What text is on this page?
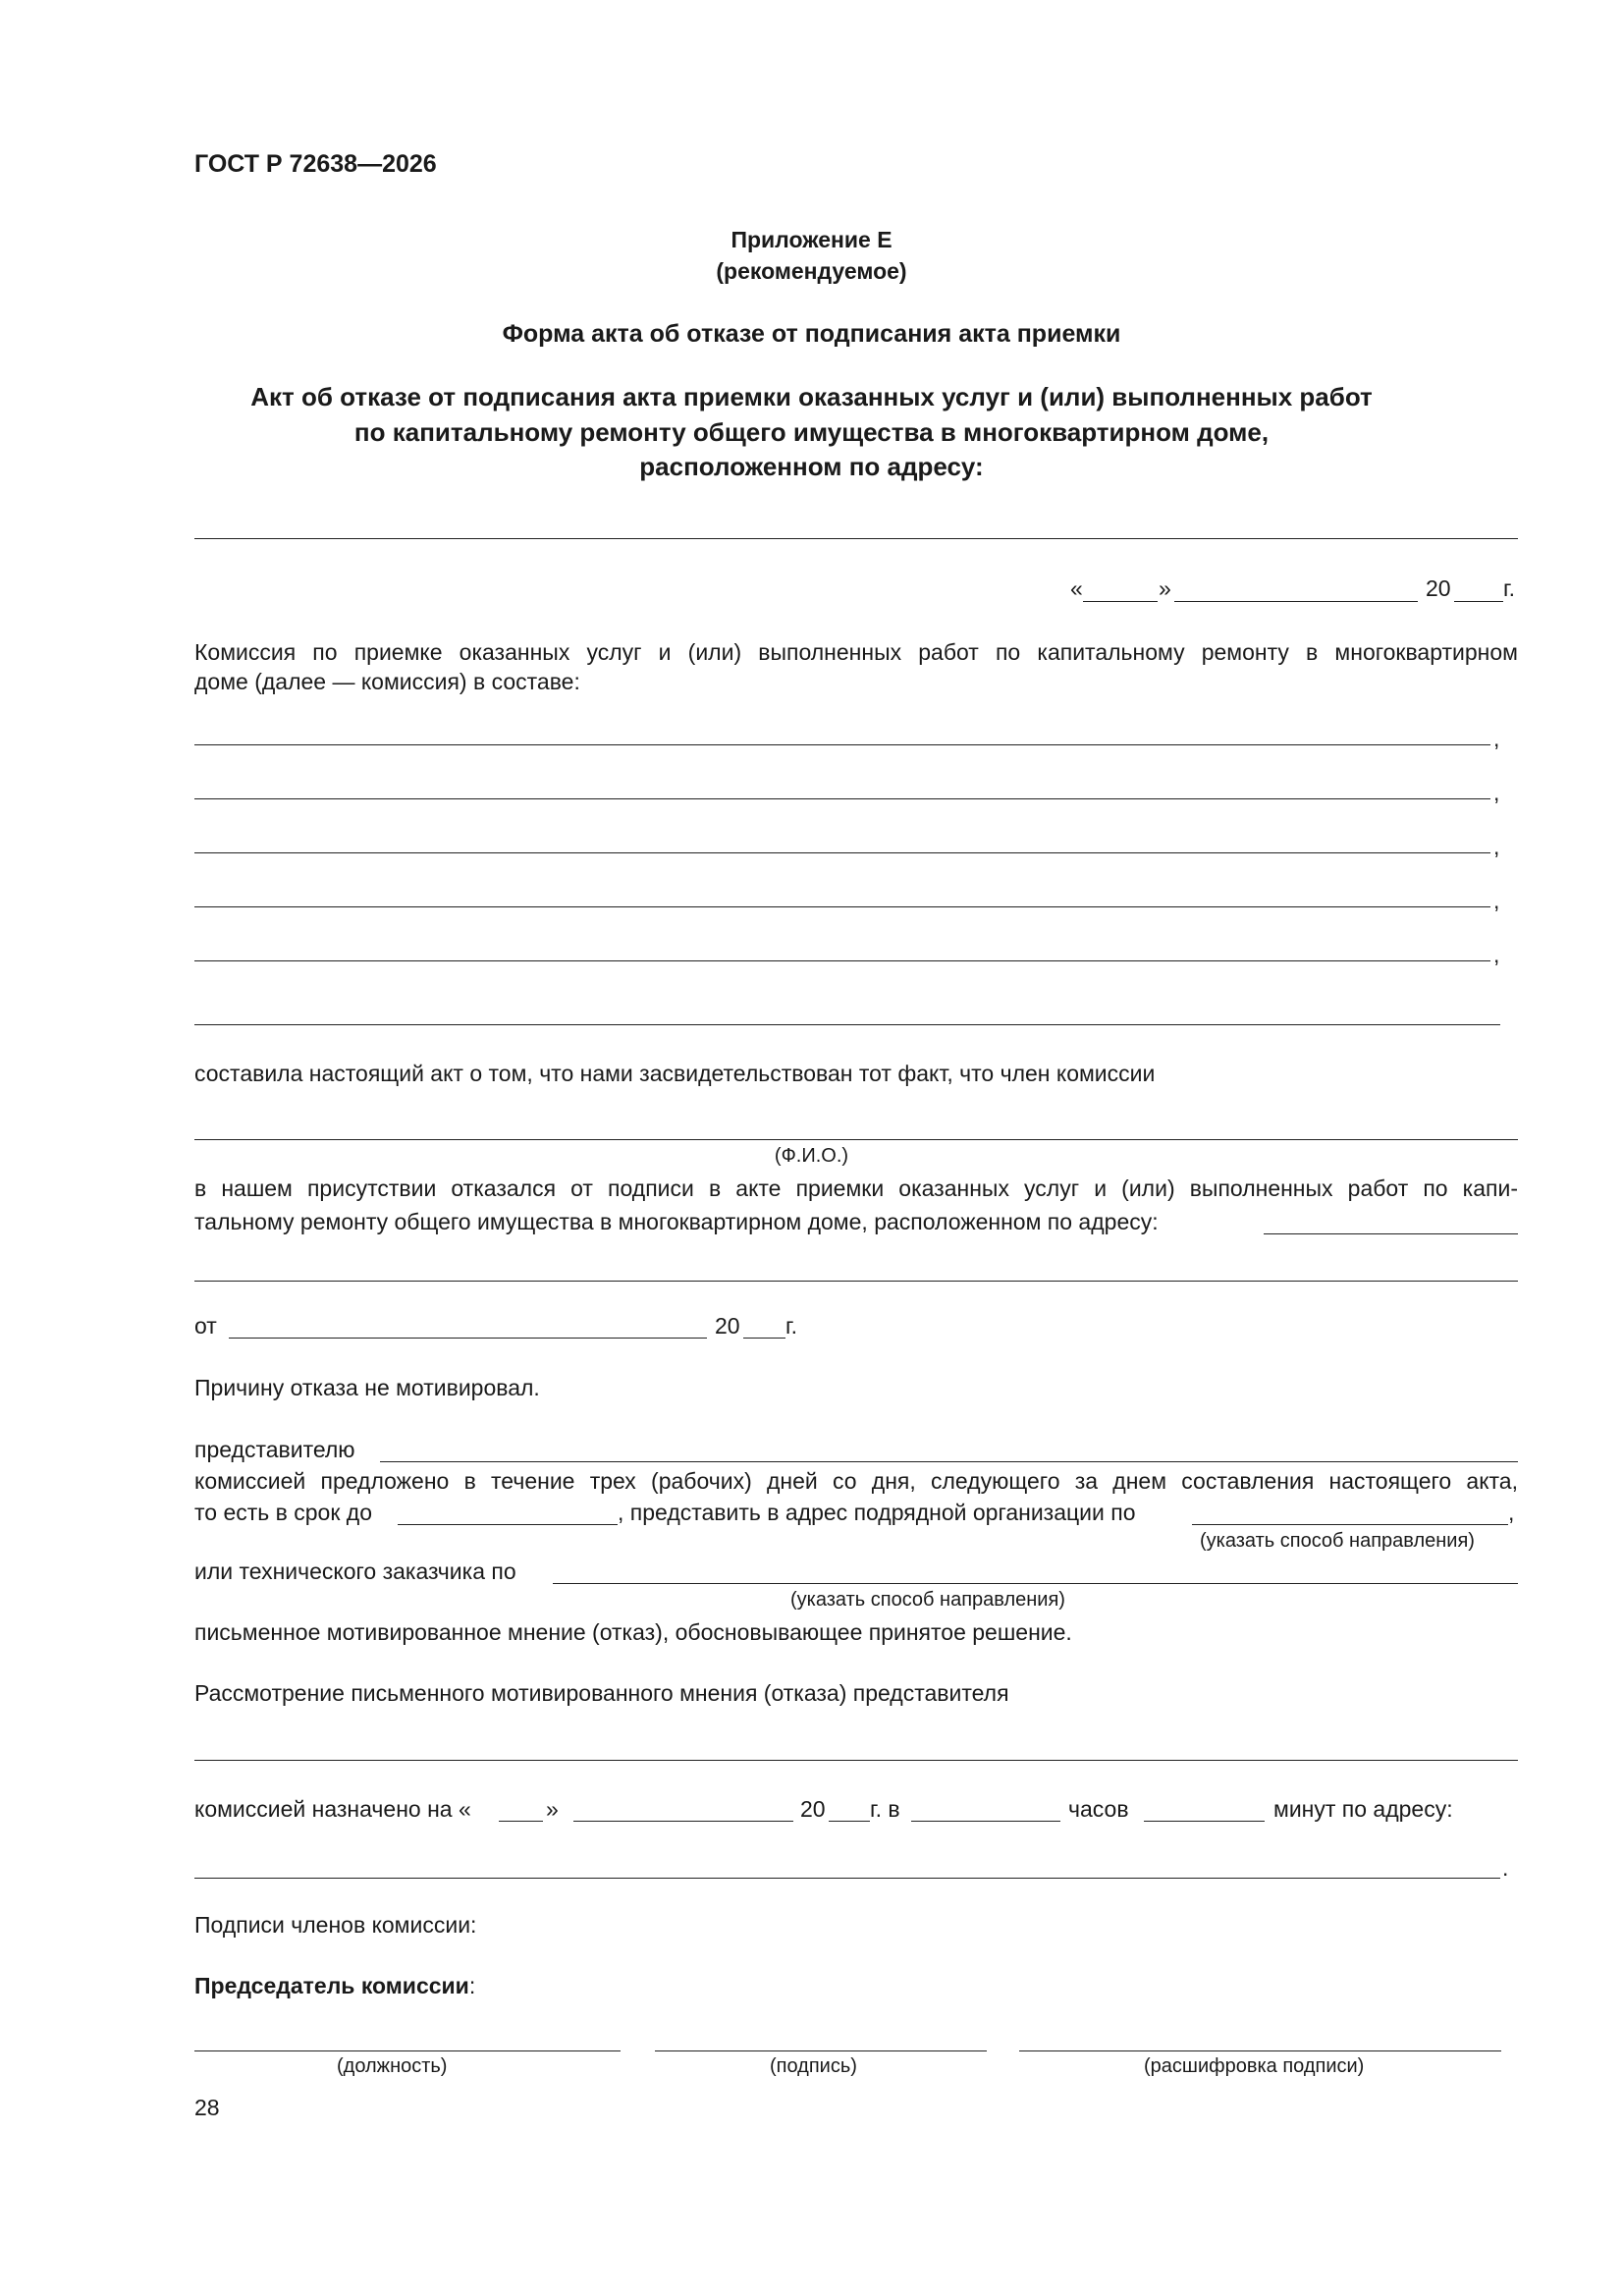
ГОСТ Р 72638—2026
Приложение Е
(рекомендуемое)
Форма акта об отказе от подписания акта приемки
Акт об отказе от подписания акта приемки оказанных услуг и (или) выполненных работ
по капитальному ремонту общего имущества в многоквартирном доме,
расположенном по адресу:
«	»	20 г.
Комиссия по приемке оказанных услуг и (или) выполненных работ по капитальному ремонту в многоквартирном
доме (далее — комиссия) в составе:
,
,
,
,
,
составила настоящий акт о том, что нами засвидетельствован тот факт, что член комиссии
(Ф.И.О.)
в нашем присутствии отказался от подписи в акте приемки оказанных услуг и (или) выполненных работ по капи-
тальному ремонту общего имущества в многоквартирном доме, расположенном по адресу:
от	20 г.
Причину отказа не мотивировал.
представителю
комиссией предложено в течение трех (рабочих) дней со дня, следующего за днем составления настоящего акта,
то есть в срок до	, представить в адрес подрядной организации по	,
(указать способ направления)
или технического заказчика по
(указать способ направления)
письменное мотивированное мнение (отказ), обосновывающее принятое решение.
Рассмотрение письменного мотивированного мнения (отказа) представителя
комиссией назначено на «	»	20 г. в	часов	минут по адресу:
.
Подписи членов комиссии:
Председатель комиссии:
(должность)	(подпись)	(расшифровка подписи)
28
